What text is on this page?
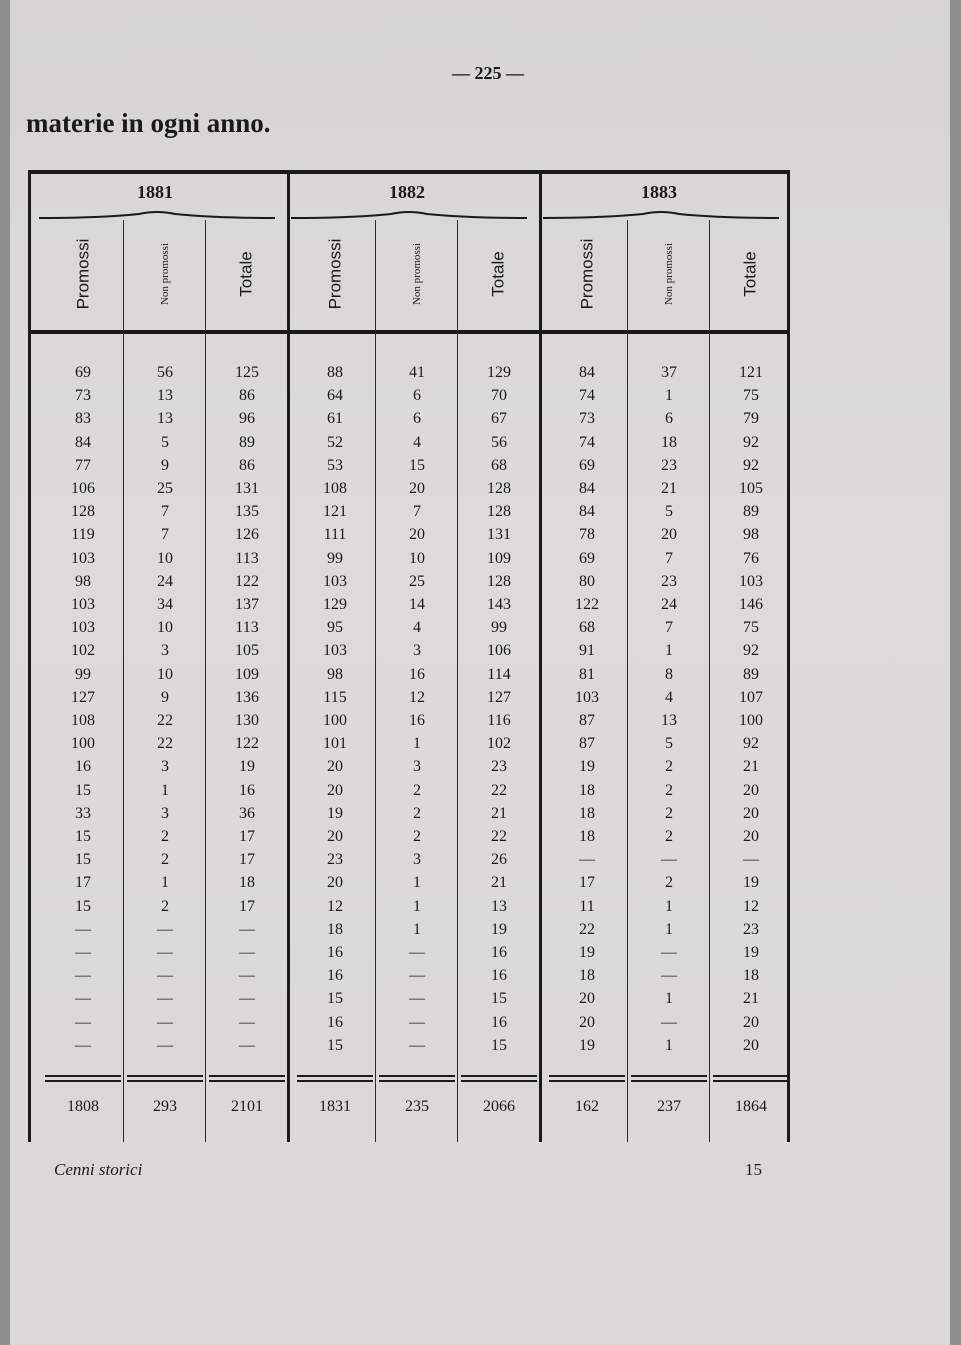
— 225 —
materie in ogni anno.
1881	1882	1883
Promossi	Non promossi	Totale	Promossi	Non promossi	Totale	Promossi	Non promossi	Totale
69	56	125	88	41	129	84	37	121
73	13	86	64	6	70	74	1	75
83	13	96	61	6	67	73	6	79
84	5	89	52	4	56	74	18	92
77	9	86	53	15	68	69	23	92
106	25	131	108	20	128	84	21	105
128	7	135	121	7	128	84	5	89
119	7	126	111	20	131	78	20	98
103	10	113	99	10	109	69	7	76
98	24	122	103	25	128	80	23	103
103	34	137	129	14	143	122	24	146
103	10	113	95	4	99	68	7	75
102	3	105	103	3	106	91	1	92
99	10	109	98	16	114	81	8	89
127	9	136	115	12	127	103	4	107
108	22	130	100	16	116	87	13	100
100	22	122	101	1	102	87	5	92
16	3	19	20	3	23	19	2	21
15	1	16	20	2	22	18	2	20
33	3	36	19	2	21	18	2	20
15	2	17	20	2	22	18	2	20
15	2	17	23	3	26	—	—	—
17	1	18	20	1	21	17	2	19
15	2	17	12	1	13	11	1	12
—	—	—	18	1	19	22	1	23
—	—	—	16	—	16	19	—	19
—	—	—	16	—	16	18	—	18
—	—	—	15	—	15	20	1	21
—	—	—	16	—	16	20	—	20
—	—	—	15	—	15	19	1	20
1808	293	2101	1831	235	2066	162	237	1864
Cenni storici	15
